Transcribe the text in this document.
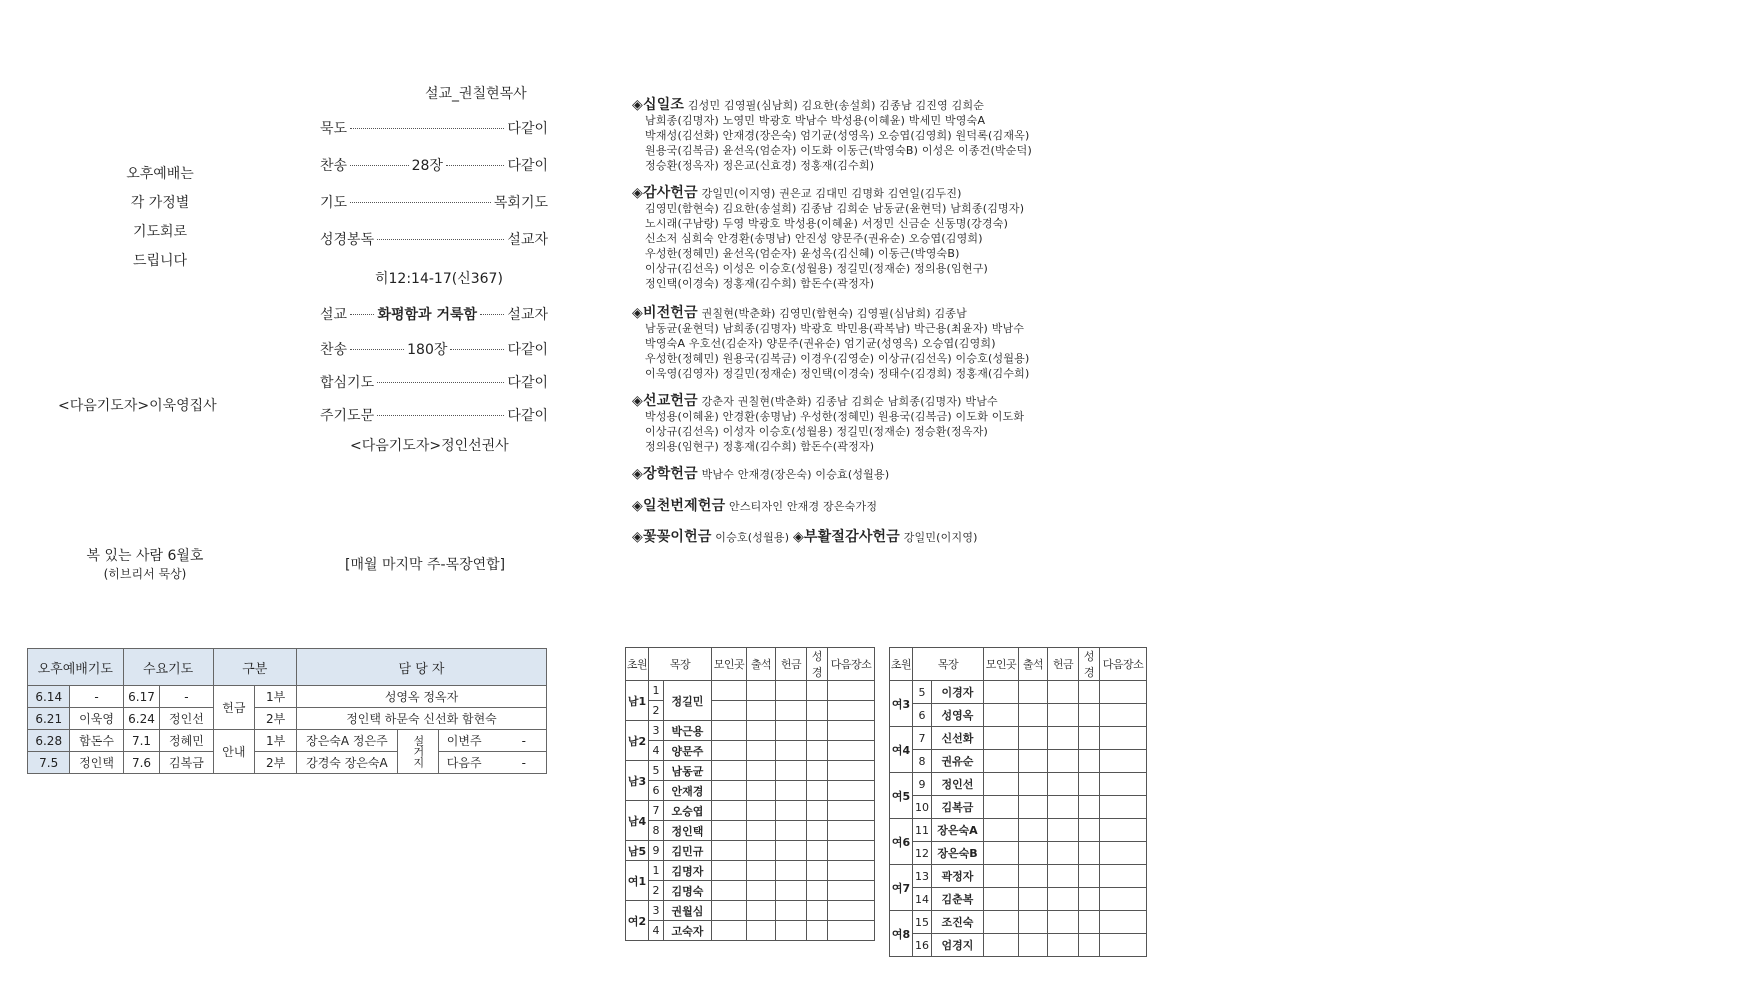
오후예배는
각 가정별
기도회로
드립니다
<다음기도자>이욱영집사
복 있는 사람 6월호
(히브리서 묵상)
설교_권칠현목사
묵도	다같이
찬송	28장	다같이
기도	목회기도
성경봉독	설교자
히12:14-17(신367)
설교 화평함과 거룩함 설교자
찬송	180장	다같이
합심기도	다같이
주기도문	다같이
<다음기도자>정인선권사
[매월 마지막 주-목장연합]
◈십일조 김성민 김영필(심남희) 김요한(송설희) 김종남 김진영 김희순
남희종(김명자) 노영민 박광호 박남수 박성용(이혜윤) 박세민 박영숙A
박재성(김선화) 안재경(장은숙) 엄기균(성영옥) 오승엽(김영희) 원덕록(김재옥)
원용국(김복금) 윤선옥(엄순자) 이도화 이동근(박영숙B) 이성은 이종건(박순덕)
정승환(정옥자) 정은교(신효경) 정홍재(김수희)
◈감사헌금 강일민(이지영) 권은교 김대민 김명화 김연일(김두진)
김영민(함현숙) 김요한(송설희) 김종남 김희순 남동균(윤현덕) 남희종(김명자)
노시래(구남랑) 두영 박광호 박성용(이혜윤) 서정민 신금순 신동명(강경숙)
신소저 심희숙 안경환(송명남) 안진성 양문주(권유순) 오승엽(김영희)
우성한(정혜민) 윤선옥(엄순자) 윤성옥(김신혜) 이동근(박영숙B)
이상규(김선옥) 이성은 이승호(성월용) 정길민(정재순) 정의용(임현구)
정인택(이경숙) 정홍재(김수희) 함돈수(곽정자)
◈비전헌금 권칠현(박춘화) 김영민(함현숙) 김영필(심남희) 김종남
남동균(윤현덕) 남희종(김명자) 박광호 박민용(곽복남) 박근용(최윤자) 박남수
박영숙A 우호선(김순자) 양문주(권유순) 엄기균(성영옥) 오승엽(김영희)
우성한(정혜민) 원용국(김복금) 이경우(김영순) 이상규(김선옥) 이승호(성월용)
이욱영(김영자) 정길민(정재순) 정인택(이경숙) 정태수(김경희) 정홍재(김수희)
◈선교헌금 강춘자 권칠현(박춘화) 김종남 김희순 남희종(김명자) 박남수
박성용(이혜윤) 안경환(송명남) 우성한(정혜민) 원용국(김복금) 이도화 이도화
이상규(김선옥) 이성자 이승호(성월용) 정길민(정재순) 정승환(정옥자)
정의용(임현구) 정홍재(김수희) 함돈수(곽정자)
◈장학헌금 박남수 안재경(장은숙) 이승효(성월용)
◈일천번제헌금 안스티자인 안재경 장은숙가정
◈꽃꽂이헌금 이승호(성월용) ◈부활절감사헌금 강일민(이지영)
오후예배기도		수요기도		구분		담 당 자		
6.14	-	6.17	-	헌금	1부	성영옥 정옥자		
6.21	이욱영	6.24	정인선		2부	정인택 하문숙 신선화 함현숙		
6.28	함돈수	7.1	정혜민	안내	1부	장은숙A 정은주	설거지	이변주 -
7.5	정인택	7.6	김복금		2부	강경숙 장은숙A		다음주 -
초원	목장		모인곳	출석	헌금	성경	다음장소
남1	1	정길민					
	2						
남2	3	박근용					
	4	양문주					
남3	5	남동균					
	6	안재경					
남4	7	오승엽					
	8	정인택					
남5	9	김민규					
여1	1	김명자					
	2	김명숙					
여2	3	권월심					
	4	고숙자					
초원	목장		모인곳	출석	헌금	성경	다음장소
여3	5	이경자					
	6	성영옥					
여4	7	신선화					
	8	권유순					
여5	9	정인선					
	10	김복금					
여6	11	장은숙A					
	12	장은숙B					
여7	13	곽정자					
	14	김춘복					
여8	15	조진숙					
	16	엄경지					
